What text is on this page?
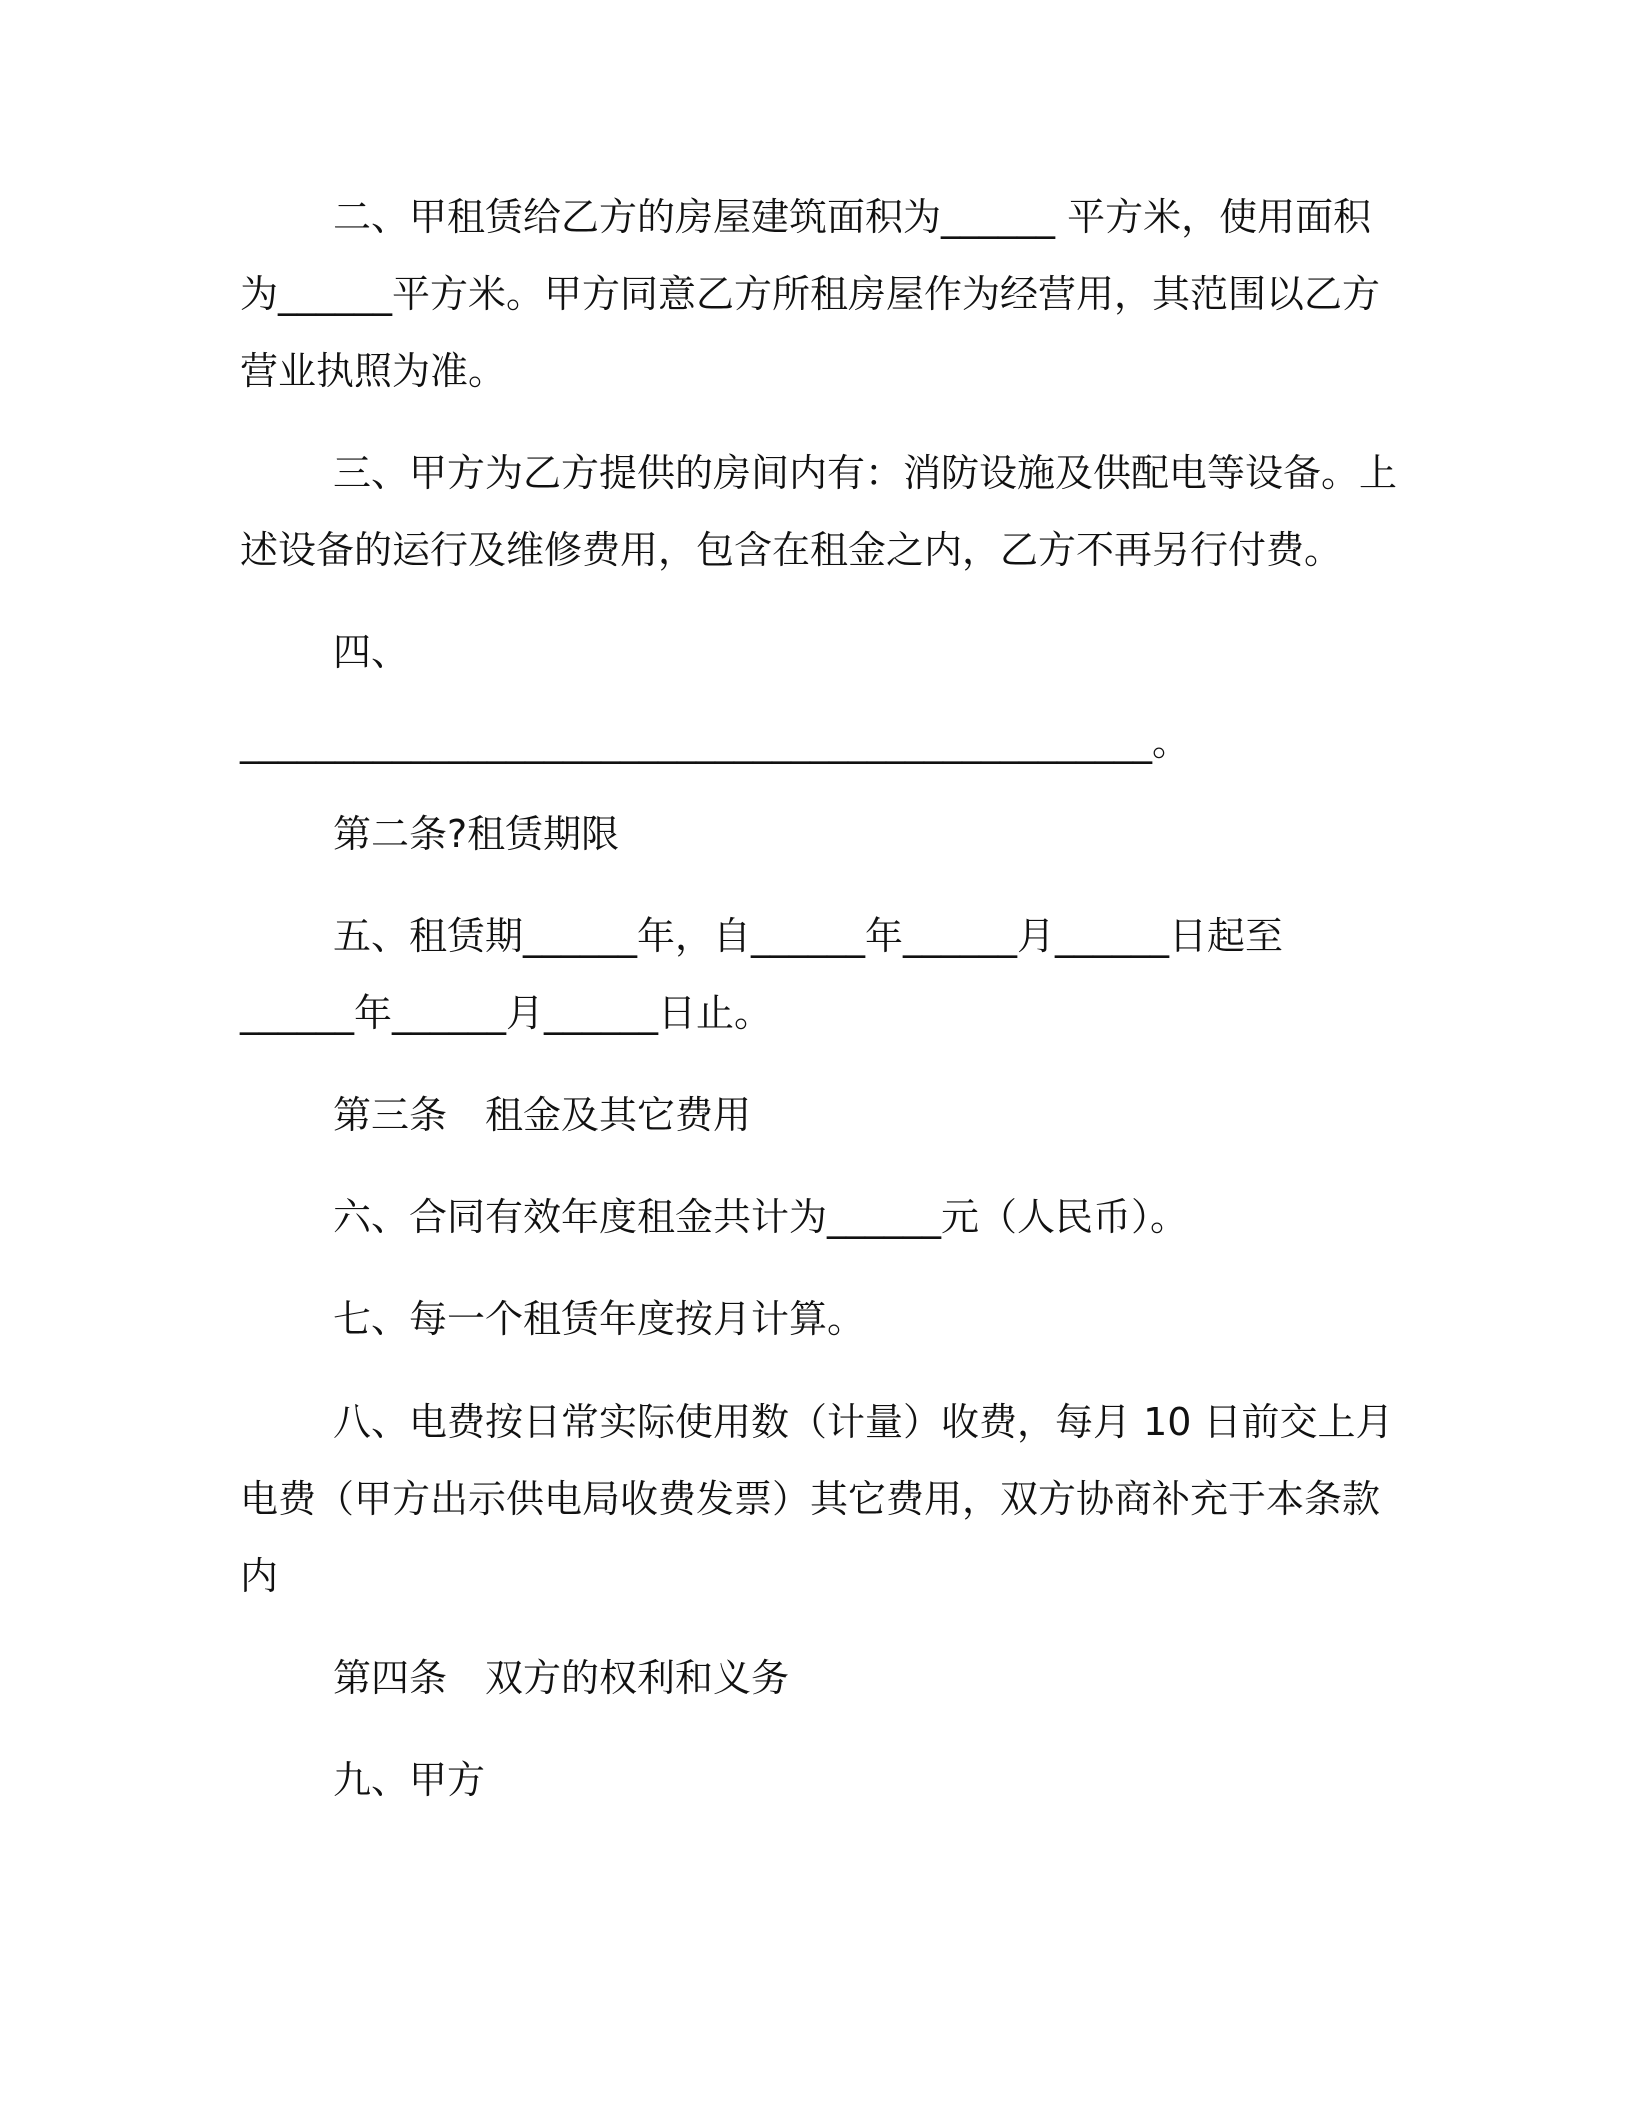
二、甲租赁给乙方的房屋建筑面积为______ 平方米，使用面积
为______平方米。甲方同意乙方所租房屋作为经营用，其范围以乙方
营业执照为准。
三、甲方为乙方提供的房间内有：消防设施及供配电等设备。上
述设备的运行及维修费用，包含在租金之内，乙方不再另行付费。
四、
________________________________________________。
第二条?租赁期限
五、租赁期______年，自______年______月______日起至
______年______月______日止。
第三条　租金及其它费用
六、合同有效年度租金共计为______元（人民币）。
七、每一个租赁年度按月计算。
八、电费按日常实际使用数（计量）收费，每月 10 日前交上月
电费（甲方出示供电局收费发票）其它费用，双方协商补充于本条款
内
第四条　双方的权利和义务
九、甲方
